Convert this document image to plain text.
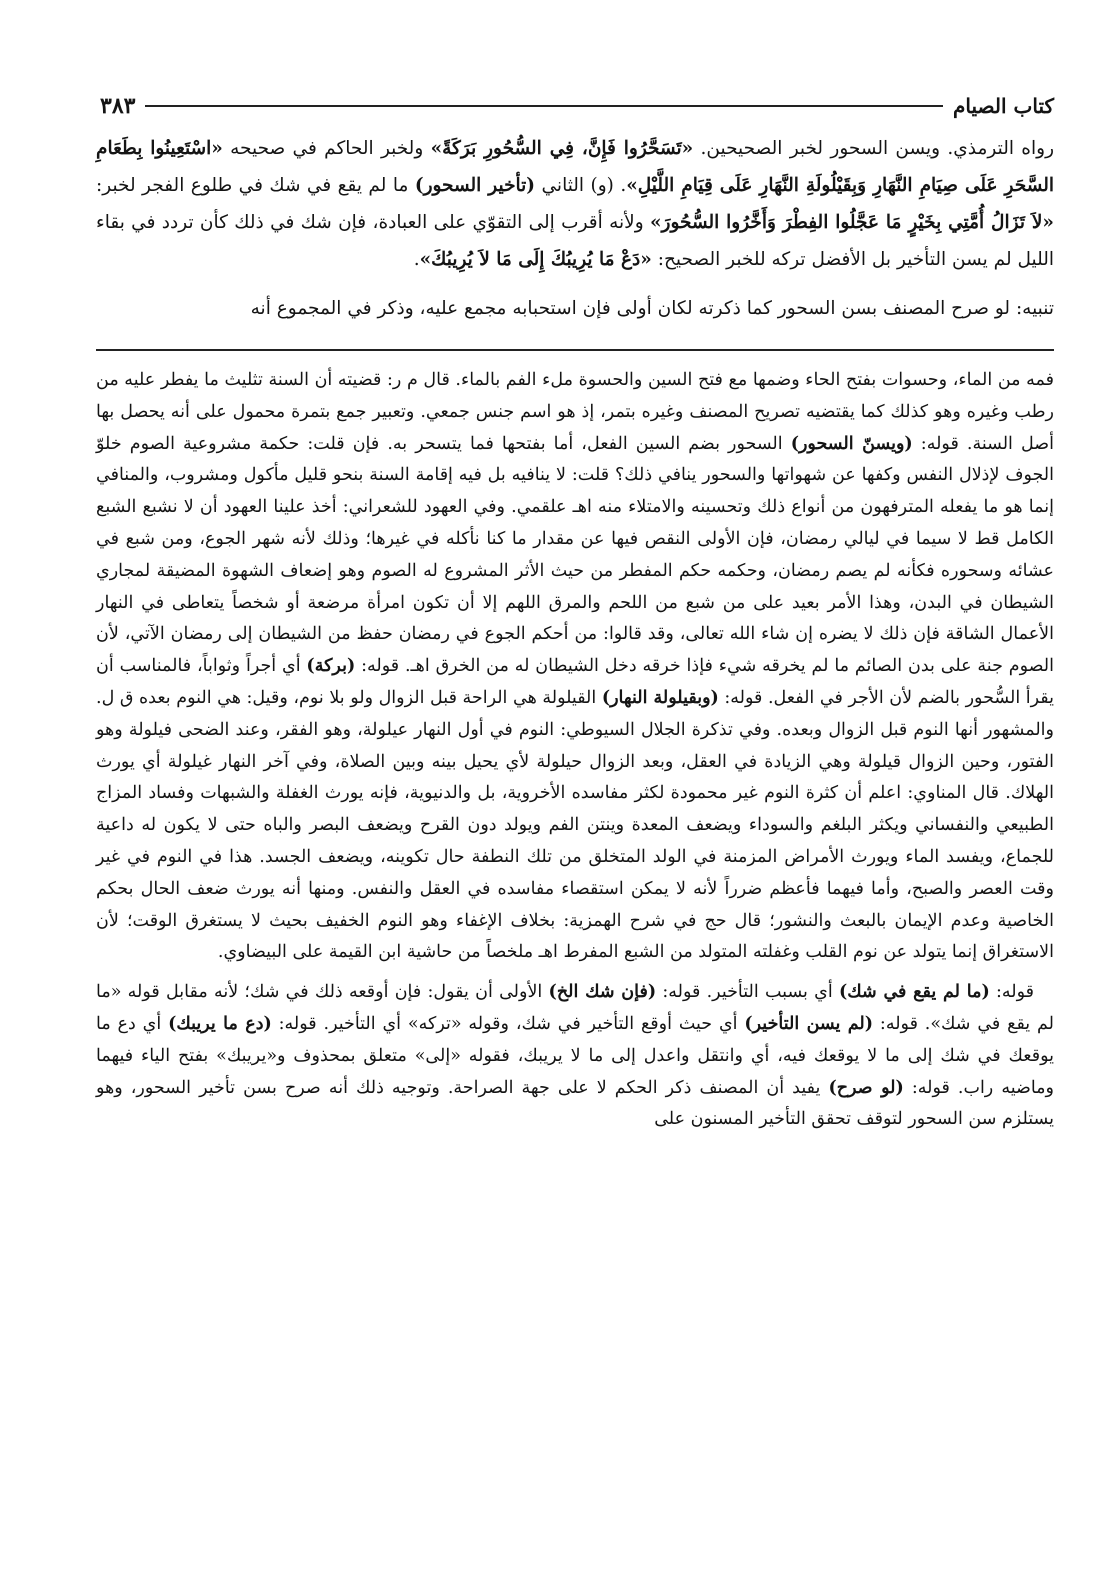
كتاب الصيام
٣٨٣
رواه الترمذي. ويسن السحور لخبر الصحيحين. «تَسَحَّرُوا فَإِنَّ، فِي السُّحُورِ بَرَكَةً» ولخبر الحاكم في صحيحه «اسْتَعِينُوا بِطَعَامِ السَّحَرِ عَلَى صِيَامِ النَّهَارِ وَبِقَيْلُولَةِ النَّهَارِ عَلَى قِيَامِ اللَّيْلِ». (و) الثاني (تأخير السحور) ما لم يقع في شك في طلوع الفجر لخبر: «لاَ تَزَالُ أُمَّتِي بِخَيْرٍ مَا عَجَّلُوا الفِطْرَ وَأَخَّرُوا السُّحُورَ» ولأنه أقرب إلى التقوّي على العبادة، فإن شك في ذلك كأن تردد في بقاء الليل لم يسن التأخير بل الأفضل تركه للخبر الصحيح: «دَعْ مَا يُرِيبُكَ إِلَى مَا لاَ يُرِيبُكَ».
تنبيه: لو صرح المصنف بسن السحور كما ذكرته لكان أولى فإن استحبابه مجمع عليه، وذكر في المجموع أنه

فمه من الماء، وحسوات بفتح الحاء وضمها مع فتح السين والحسوة ملء الفم بالماء. قال م ر: قضيته أن السنة تثليث ما يفطر عليه من رطب وغيره وهو كذلك كما يقتضيه تصريح المصنف وغيره بتمر، إذ هو اسم جنس جمعي. وتعبير جمع بتمرة محمول على أنه يحصل بها أصل السنة. قوله: (ويسنّ السحور) السحور بضم السين الفعل، أما بفتحها فما يتسحر به. فإن قلت: حكمة مشروعية الصوم خلوّ الجوف لإذلال النفس وكفها عن شهواتها والسحور ينافي ذلك؟ قلت: لا ينافيه بل فيه إقامة السنة بنحو قليل مأكول ومشروب، والمنافي إنما هو ما يفعله المترفهون من أنواع ذلك وتحسينه والامتلاء منه اهـ علقمي. وفي العهود للشعراني: أخذ علينا العهود أن لا نشبع الشبع الكامل قط لا سيما في ليالي رمضان، فإن الأولى النقص فيها عن مقدار ما كنا نأكله في غيرها؛ وذلك لأنه شهر الجوع، ومن شبع في عشائه وسحوره فكأنه لم يصم رمضان، وحكمه حكم المفطر من حيث الأثر المشروع له الصوم وهو إضعاف الشهوة المضيقة لمجاري الشيطان في البدن، وهذا الأمر بعيد على من شبع من اللحم والمرق اللهم إلا أن تكون امرأة مرضعة أو شخصاً يتعاطى في النهار الأعمال الشاقة فإن ذلك لا يضره إن شاء الله تعالى، وقد قالوا: من أحكم الجوع في رمضان حفظ من الشيطان إلى رمضان الآتي، لأن الصوم جنة على بدن الصائم ما لم يخرقه شيء فإذا خرقه دخل الشيطان له من الخرق اهـ. قوله: (بركة) أي أجراً وثواباً، فالمناسب أن يقرأ السُّحور بالضم لأن الأجر في الفعل. قوله: (وبقيلولة النهار) القيلولة هي الراحة قبل الزوال ولو بلا نوم، وقيل: هي النوم بعده ق ل. والمشهور أنها النوم قبل الزوال وبعده. وفي تذكرة الجلال السيوطي: النوم في أول النهار عيلولة، وهو الفقر، وعند الضحى فيلولة وهو الفتور، وحين الزوال قيلولة وهي الزيادة في العقل، وبعد الزوال حيلولة لأي يحيل بينه وبين الصلاة، وفي آخر النهار غيلولة أي يورث الهلاك. قال المناوي: اعلم أن كثرة النوم غير محمودة لكثر مفاسده الأخروية، بل والدنيوية، فإنه يورث الغفلة والشبهات وفساد المزاج الطبيعي والنفساني ويكثر البلغم والسوداء ويضعف المعدة وينتن الفم ويولد دون القرح ويضعف البصر والباه حتى لا يكون له داعية للجماع، ويفسد الماء ويورث الأمراض المزمنة في الولد المتخلق من تلك النطفة حال تكوينه، ويضعف الجسد. هذا في النوم في غير وقت العصر والصبح، وأما فيهما فأعظم ضرراً لأنه لا يمكن استقصاء مفاسده في العقل والنفس. ومنها أنه يورث ضعف الحال بحكم الخاصية وعدم الإيمان بالبعث والنشور؛ قال حج في شرح الهمزية: بخلاف الإغفاء وهو النوم الخفيف بحيث لا يستغرق الوقت؛ لأن الاستغراق إنما يتولد عن نوم القلب وغفلته المتولد من الشبع المفرط اهـ ملخصاً من حاشية ابن القيمة على البيضاوي.

قوله: (ما لم يقع في شك) أي بسبب التأخير. قوله: (فإن شك الخ) الأولى أن يقول: فإن أوقعه ذلك في شك؛ لأنه مقابل قوله «ما لم يقع في شك». قوله: (لم يسن التأخير) أي حيث أوقع التأخير في شك، وقوله «تركه» أي التأخير. قوله: (دع ما يريبك) أي دع ما يوقعك في شك إلى ما لا يوقعك فيه، أي وانتقل واعدل إلى ما لا يريبك، فقوله «إلى» متعلق بمحذوف و«يريبك» بفتح الياء فيهما وماضيه راب. قوله: (لو صرح) يفيد أن المصنف ذكر الحكم لا على جهة الصراحة. وتوجيه ذلك أنه صرح بسن تأخير السحور، وهو يستلزم سن السحور لتوقف تحقق التأخير المسنون على
